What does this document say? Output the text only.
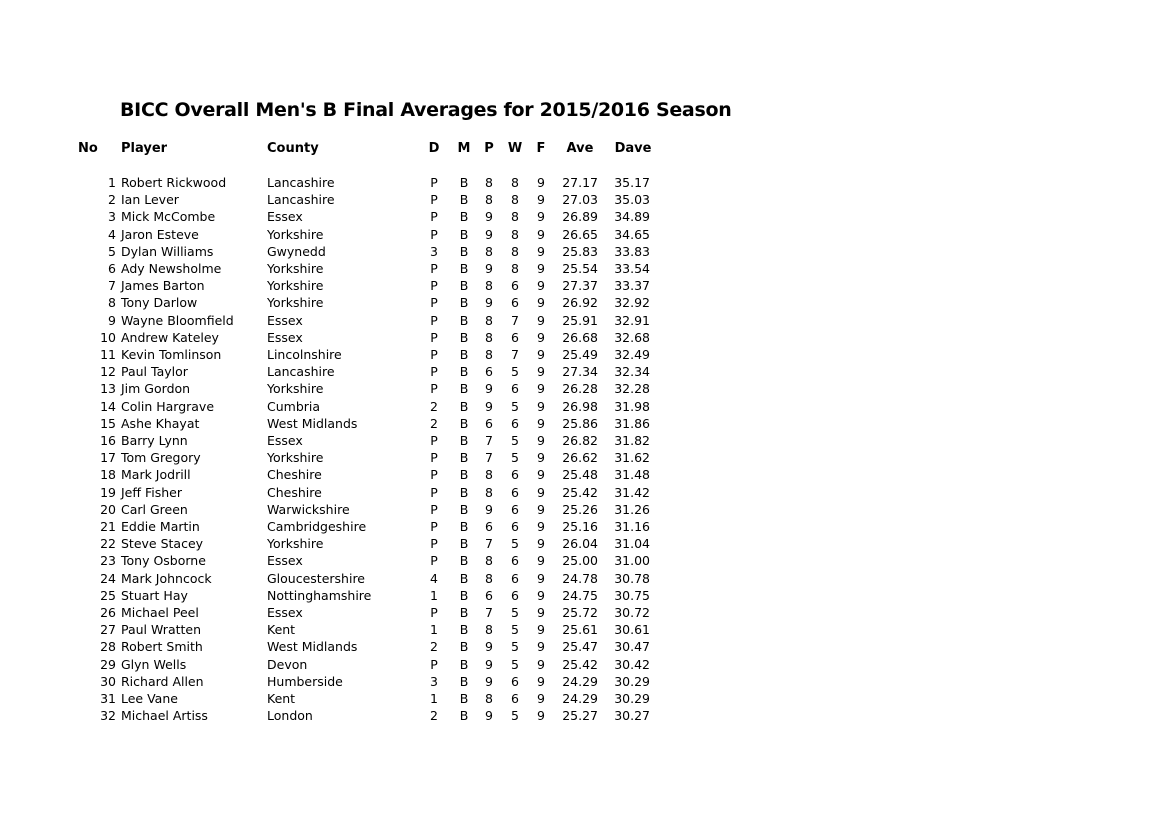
BICC Overall Men's B Final Averages for 2015/2016 Season
No Player	County	D	M	P	W	F	Ave	Dave
1 Robert Rickwood	Lancashire	P	B	8	8	9	27.17	35.17
2 Ian Lever	Lancashire	P	B	8	8	9	27.03	35.03
3 Mick McCombe	Essex	P	B	9	8	9	26.89	34.89
4 Jaron Esteve	Yorkshire	P	B	9	8	9	26.65	34.65
5 Dylan Williams	Gwynedd	3	B	8	8	9	25.83	33.83
6 Ady Newsholme	Yorkshire	P	B	9	8	9	25.54	33.54
7 James Barton	Yorkshire	P	B	8	6	9	27.37	33.37
8 Tony Darlow	Yorkshire	P	B	9	6	9	26.92	32.92
9 Wayne Bloomfield	Essex	P	B	8	7	9	25.91	32.91
10 Andrew Kateley	Essex	P	B	8	6	9	26.68	32.68
11 Kevin Tomlinson	Lincolnshire	P	B	8	7	9	25.49	32.49
12 Paul Taylor	Lancashire	P	B	6	5	9	27.34	32.34
13 Jim Gordon	Yorkshire	P	B	9	6	9	26.28	32.28
14 Colin Hargrave	Cumbria	2	B	9	5	9	26.98	31.98
15 Ashe Khayat	West Midlands	2	B	6	6	9	25.86	31.86
16 Barry Lynn	Essex	P	B	7	5	9	26.82	31.82
17 Tom Gregory	Yorkshire	P	B	7	5	9	26.62	31.62
18 Mark Jodrill	Cheshire	P	B	8	6	9	25.48	31.48
19 Jeff Fisher	Cheshire	P	B	8	6	9	25.42	31.42
20 Carl Green	Warwickshire	P	B	9	6	9	25.26	31.26
21 Eddie Martin	Cambridgeshire	P	B	6	6	9	25.16	31.16
22 Steve Stacey	Yorkshire	P	B	7	5	9	26.04	31.04
23 Tony Osborne	Essex	P	B	8	6	9	25.00	31.00
24 Mark Johncock	Gloucestershire	4	B	8	6	9	24.78	30.78
25 Stuart Hay	Nottinghamshire	1	B	6	6	9	24.75	30.75
26 Michael Peel	Essex	P	B	7	5	9	25.72	30.72
27 Paul Wratten	Kent	1	B	8	5	9	25.61	30.61
28 Robert Smith	West Midlands	2	B	9	5	9	25.47	30.47
29 Glyn Wells	Devon	P	B	9	5	9	25.42	30.42
30 Richard Allen	Humberside	3	B	9	6	9	24.29	30.29
31 Lee Vane	Kent	1	B	8	6	9	24.29	30.29
32 Michael Artiss	London	2	B	9	5	9	25.27	30.27
